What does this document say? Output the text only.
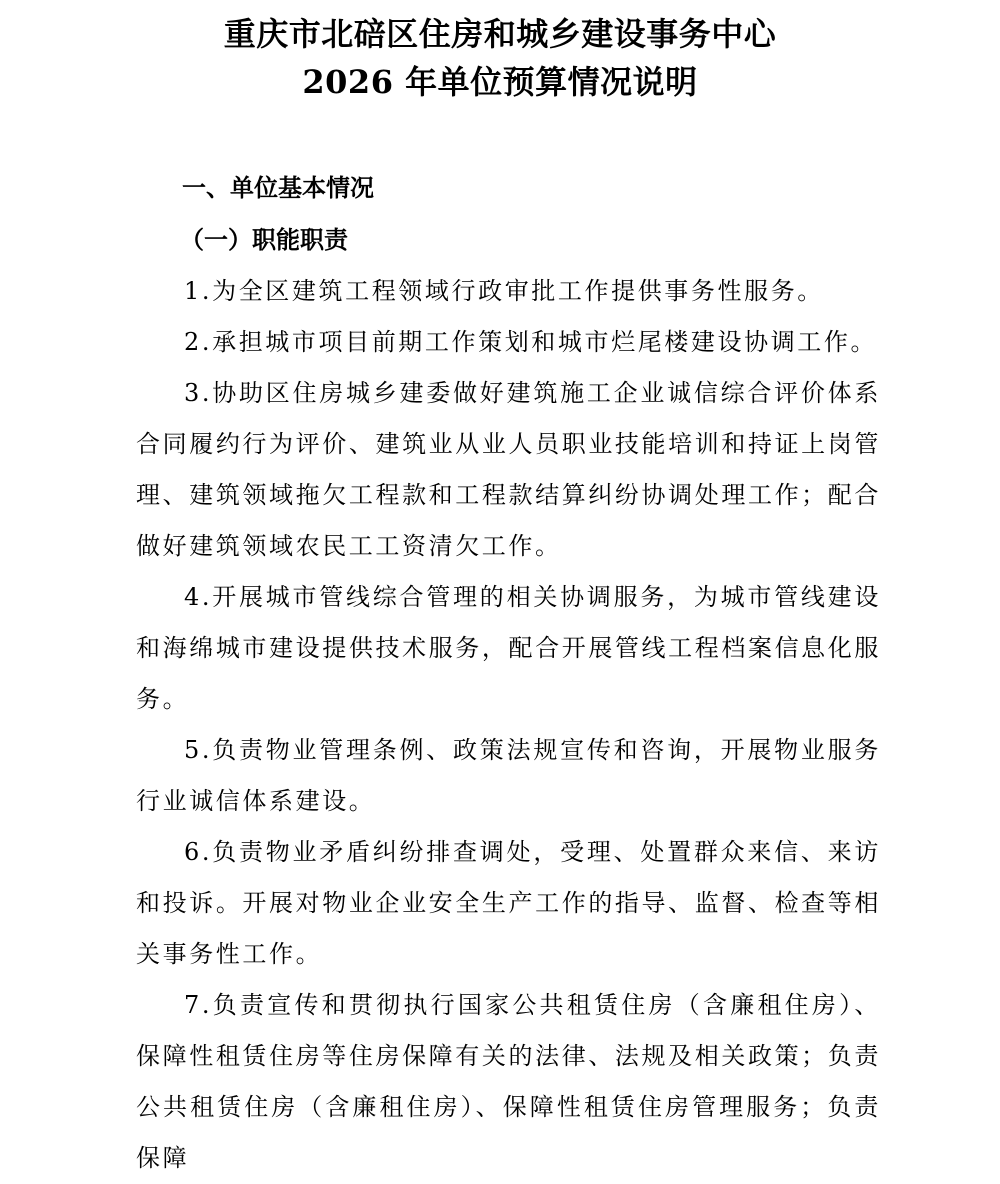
重庆市北碚区住房和城乡建设事务中心
2026 年单位预算情况说明
一、单位基本情况
（一）职能职责

1.为全区建筑工程领域行政审批工作提供事务性服务。

2.承担城市项目前期工作策划和城市烂尾楼建设协调工作。

3.协助区住房城乡建委做好建筑施工企业诚信综合评价体系合同履约行为评价、建筑业从业人员职业技能培训和持证上岗管理、建筑领域拖欠工程款和工程款结算纠纷协调处理工作；配合做好建筑领域农民工工资清欠工作。

4.开展城市管线综合管理的相关协调服务，为城市管线建设和海绵城市建设提供技术服务，配合开展管线工程档案信息化服务。

5.负责物业管理条例、政策法规宣传和咨询，开展物业服务行业诚信体系建设。

6.负责物业矛盾纠纷排查调处，受理、处置群众来信、来访和投诉。开展对物业企业安全生产工作的指导、监督、检查等相关事务性工作。

7.负责宣传和贯彻执行国家公共租赁住房（含廉租住房）、保障性租赁住房等住房保障有关的法律、法规及相关政策；负责公共租赁住房（含廉租住房）、保障性租赁住房管理服务；负责保障
